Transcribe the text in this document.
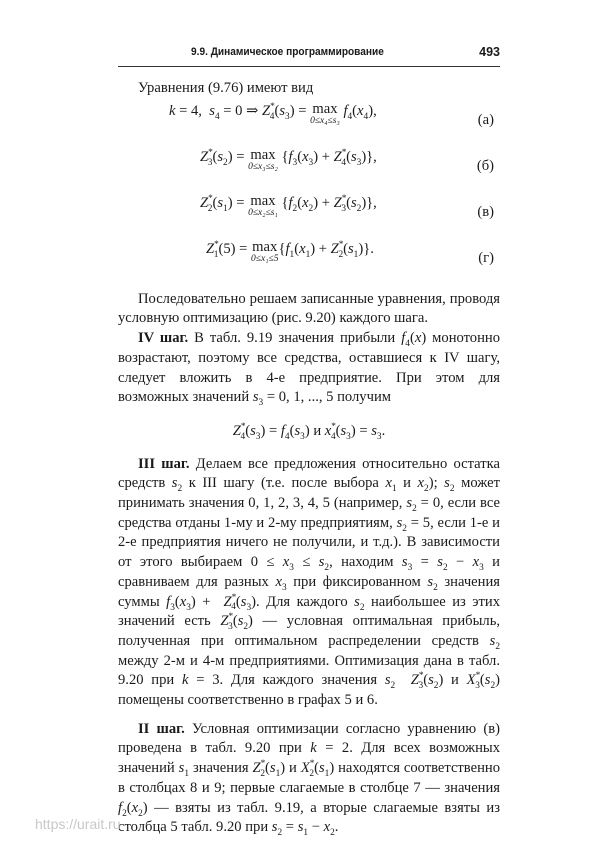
9.9. Динамическое программирование	493

Уравнения (9.76) имеют вид

k = 4,  $s_4 = 0$ ⇒ $Z^*_4(s_3) = \max$
0≤x₄≤s₃
$f_4(x_4)$,
(а)
$Z^*_3(s_2) = \max$
0≤x₃≤s₂
$\{f_3(x_3) + Z^*_4(s_3)\}$,
(б)
$Z^*_2(s_1) = \max$
0≤x₂≤s₁
$\{f_2(x_2) + Z^*_3(s_2)\}$,
(в)
$Z^*_1(5) = \max$
0≤x₁≤5
$\{f_1(x_1) + Z^*_2(s_1)\}$.
(г)

Последовательно решаем записанные уравнения, проводя условную оптимизацию (рис. 9.20) каждого шага.

IV шаг. В табл. 9.19 значения прибыли $f_4(x)$ монотонно возрастают, поэтому все средства, оставшиеся к IV шагу, следует вложить в 4-е предприятие. При этом для возможных значений $s_3 = 0$, 1, ..., 5 получим

$Z^*_4(s_3) = f_4(s_3)$ и $x^*_4(s_3) = s_3$.

III шаг. Делаем все предложения относительно остатка средств $s_2$ к III шагу (т.е. после выбора $x_1$ и $x_2$); $s_2$ может принимать значения 0, 1, 2, 3, 4, 5 (например, $s_2 = 0$, если все средства отданы 1-му и 2-му предприятиям, $s_2 = 5$, если 1-е и 2-е предприятия ничего не получили, и т.д.). В зависимости от этого выбираем $0 \le x_3 \le s_2$, находим $s_3 = s_2 - x_3$ и сравниваем для разных $x_3$ при фиксированном $s_2$ значения суммы $f_3(x_3) + Z^*_4(s_3)$. Для каждого $s_2$ наибольшее из этих значений есть $Z^*_3(s_2)$ — условная оптимальная прибыль, полученная при оптимальном распределении средств $s_2$ между 2-м и 4-м предприятиями. Оптимизация дана в табл. 9.20 при k = 3. Для каждого значения $s_2$ $Z^*_3(s_2)$ и $X^*_3(s_2)$ помещены соответственно в графах 5 и 6.

II шаг. Условная оптимизации согласно уравнению (в) проведена в табл. 9.20 при k = 2. Для всех возможных значений $s_1$ значения $Z^*_2(s_1)$ и $X^*_2(s_1)$ находятся соответственно в столбцах 8 и 9; первые слагаемые в столбце 7 — значения $f_2(x_2)$ — взяты из табл. 9.19, а вторые слагаемые взяты из столбца 5 табл. 9.20 при $s_2 = s_1 - x_2$.

https://urait.ru
